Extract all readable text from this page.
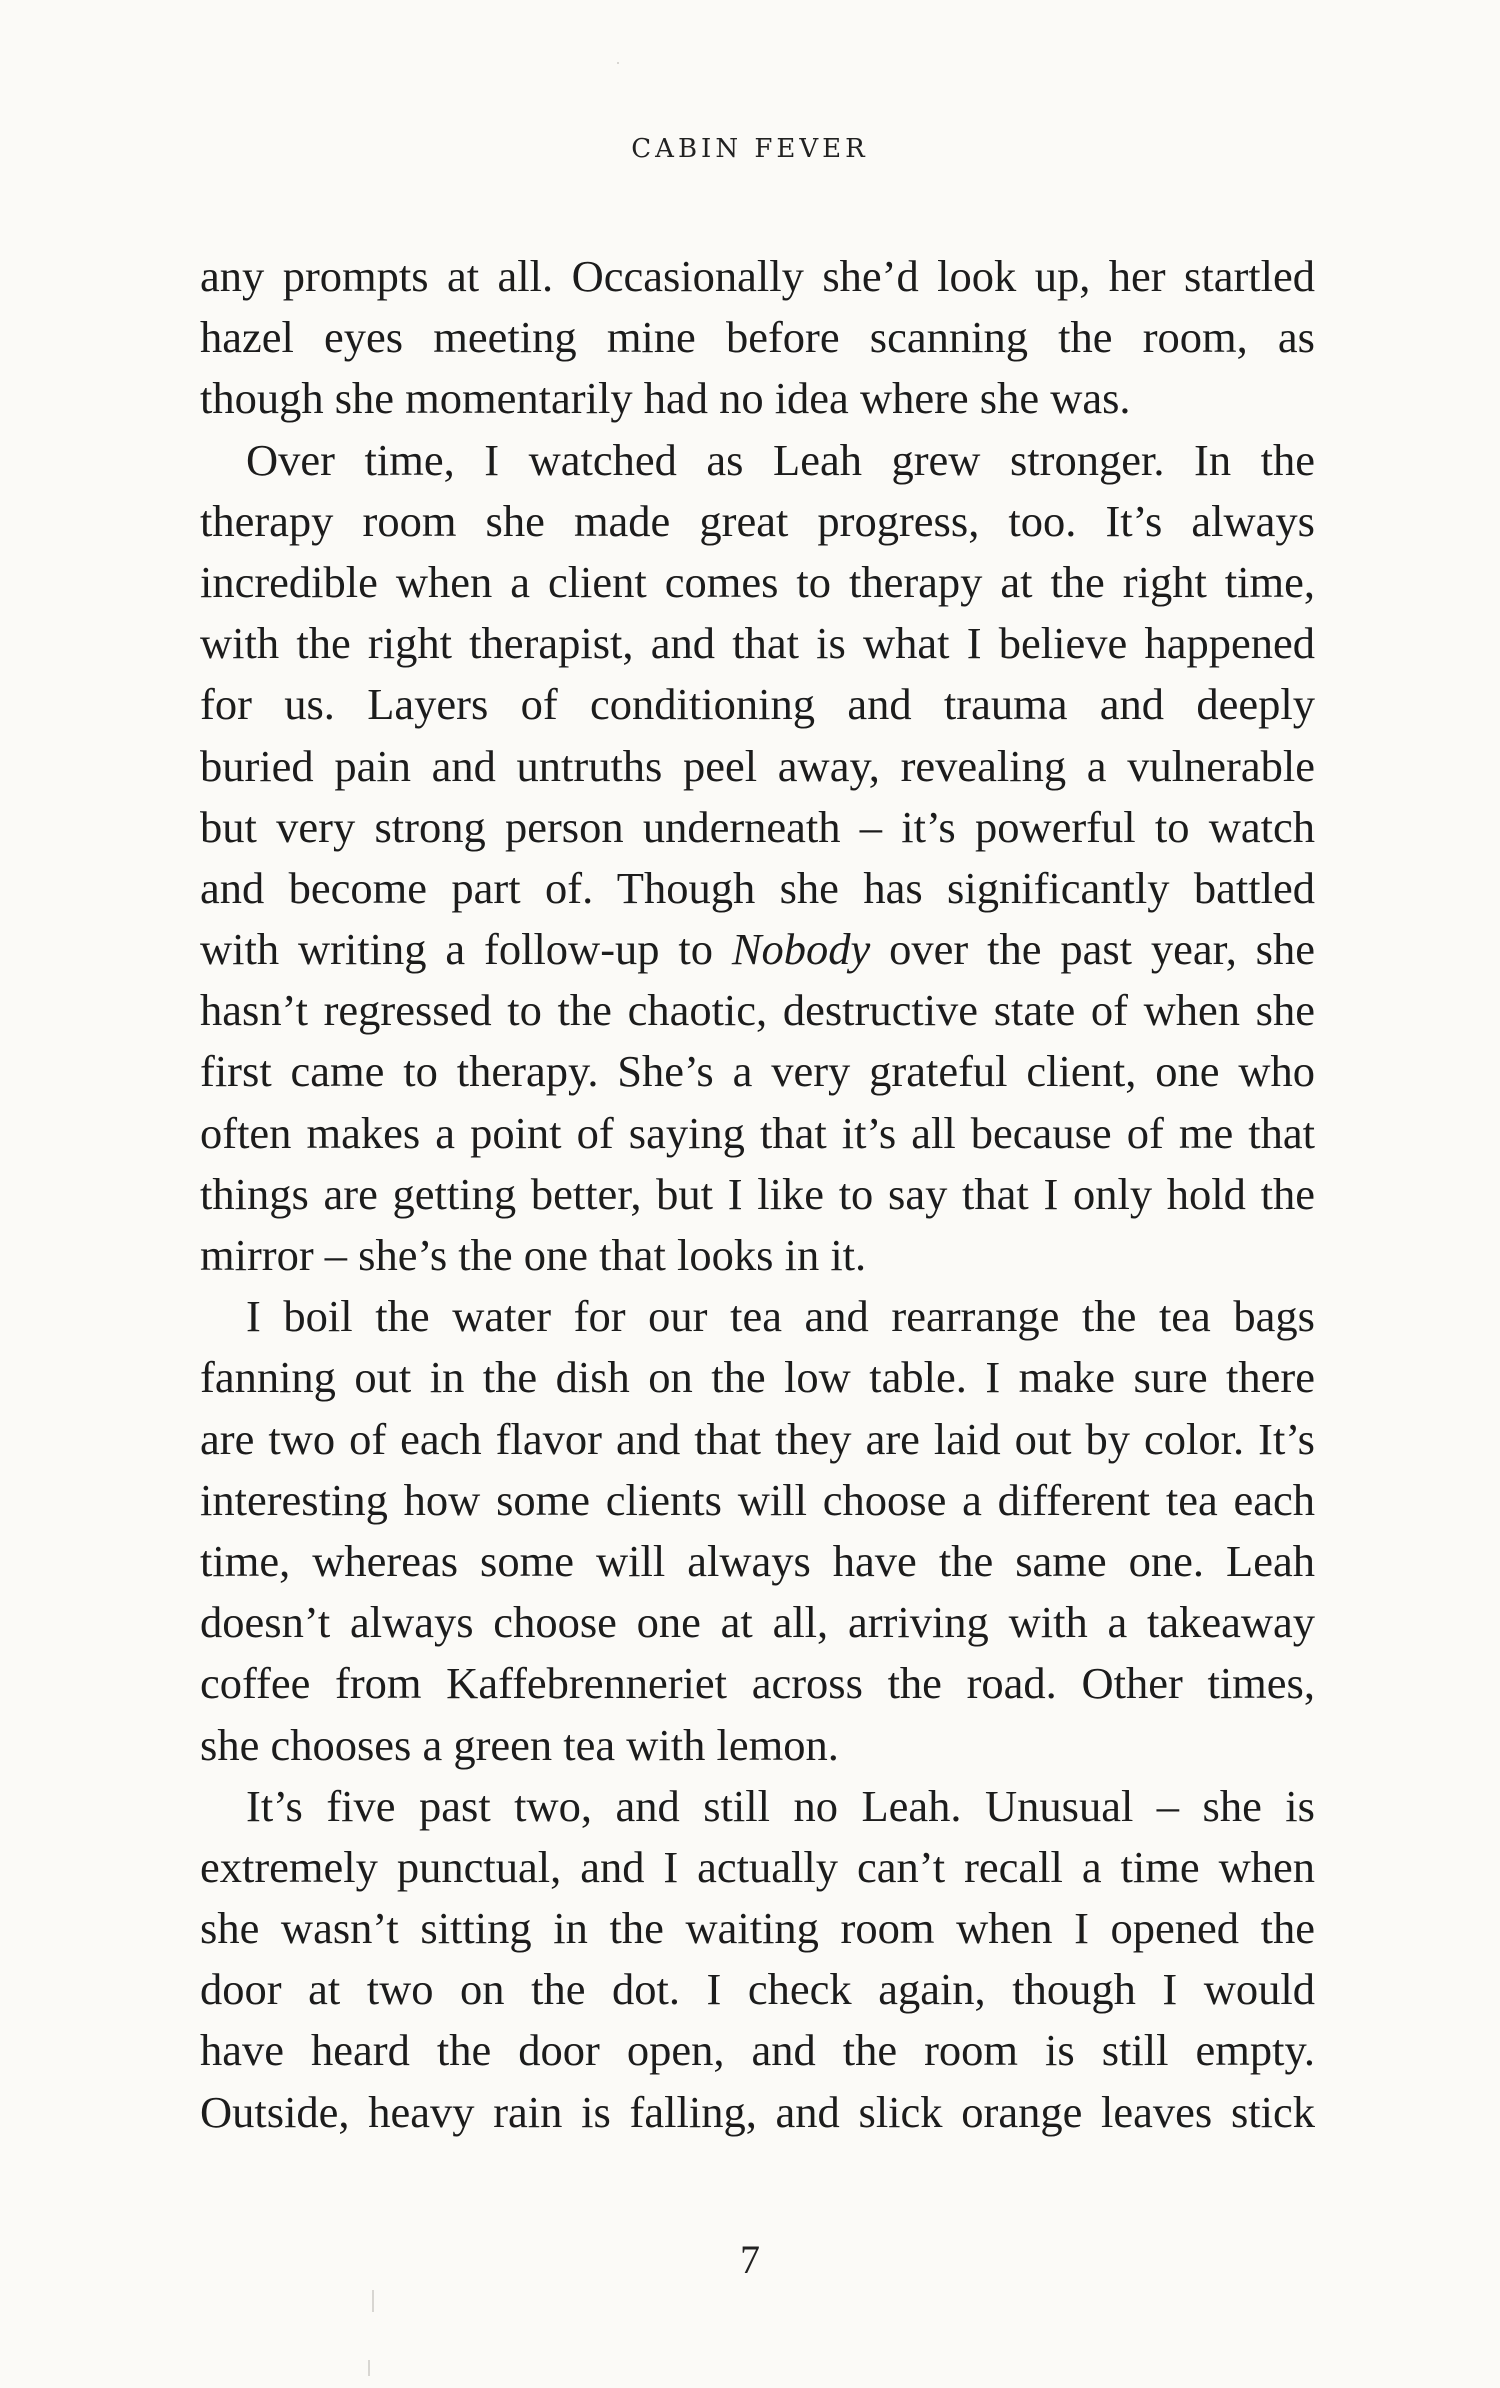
CABIN FEVER
any prompts at all. Occasionally she’d look up, her startled
hazel eyes meeting mine before scanning the room, as
though she momentarily had no idea where she was.
Over time, I watched as Leah grew stronger. In the
therapy room she made great progress, too. It’s always
incredible when a client comes to therapy at the right time,
with the right therapist, and that is what I believe happened
for us. Layers of conditioning and trauma and deeply
buried pain and untruths peel away, revealing a vulnerable
but very strong person underneath – it’s powerful to watch
and become part of. Though she has significantly battled
with writing a follow-up to Nobody over the past year, she
hasn’t regressed to the chaotic, destructive state of when she
first came to therapy. She’s a very grateful client, one who
often makes a point of saying that it’s all because of me that
things are getting better, but I like to say that I only hold the
mirror – she’s the one that looks in it.
I boil the water for our tea and rearrange the tea bags
fanning out in the dish on the low table. I make sure there
are two of each flavor and that they are laid out by color. It’s
interesting how some clients will choose a different tea each
time, whereas some will always have the same one. Leah
doesn’t always choose one at all, arriving with a takeaway
coffee from Kaffebrenneriet across the road. Other times,
she chooses a green tea with lemon.
It’s five past two, and still no Leah. Unusual – she is
extremely punctual, and I actually can’t recall a time when
she wasn’t sitting in the waiting room when I opened the
door at two on the dot. I check again, though I would
have heard the door open, and the room is still empty.
Outside, heavy rain is falling, and slick orange leaves stick
7
